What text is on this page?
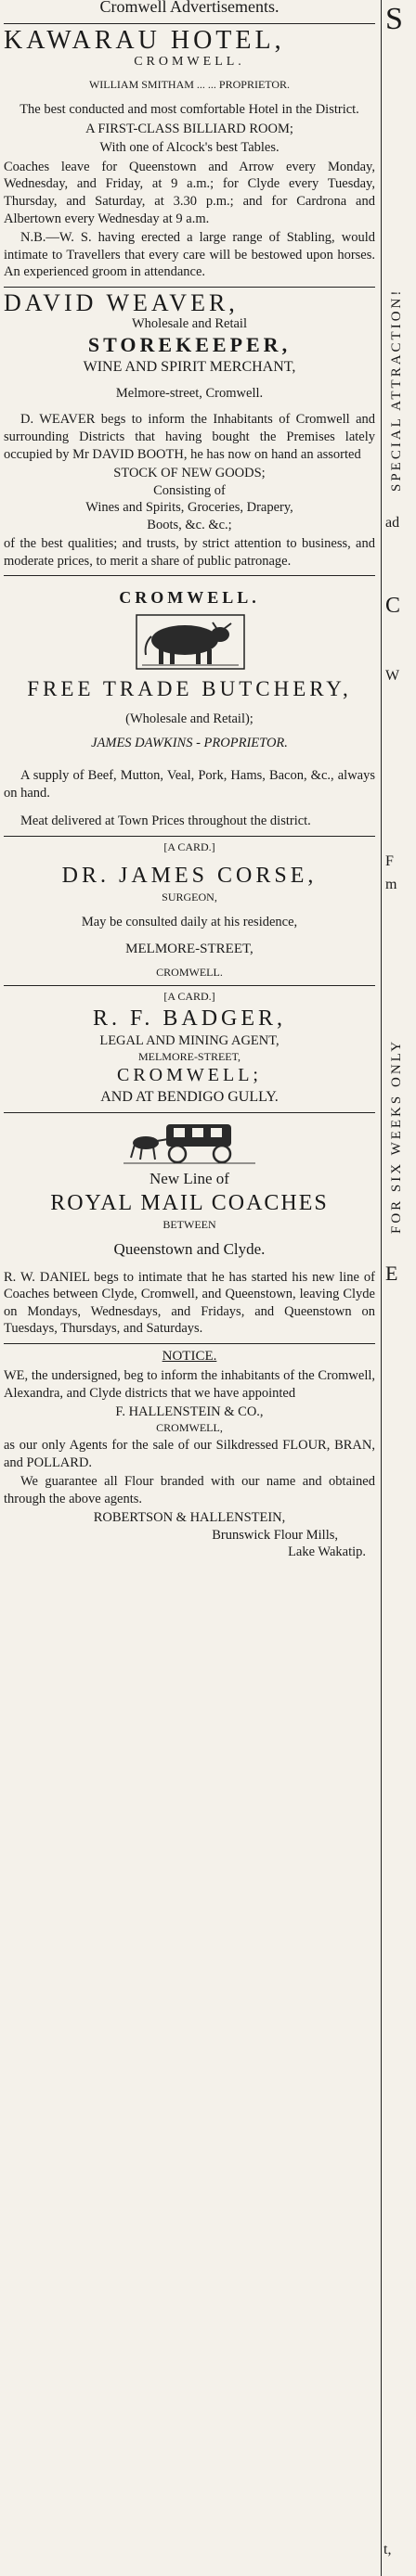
Cromwell Advertisements.
KAWARAU HOTEL,
CROMWELL.
WILLIAM SMITHAM ... ... PROPRIETOR.

The best conducted and most comfortable Hotel in the District.

A FIRST-CLASS BILLIARD ROOM;

With one of Alcock's best Tables.

Coaches leave for Queenstown and Arrow every Monday, Wednesday, and Friday, at 9 a.m.; for Clyde every Tuesday, Thursday, and Saturday, at 3.30 p.m.; and for Cardrona and Albertown every Wednesday at 9 a.m.

N.B.—W. S. having erected a large range of Stabling, would intimate to Travellers that every care will be bestowed upon horses. An experienced groom in attendance.

DAVID WEAVER,
Wholesale and Retail
STOREKEEPER,
WINE AND SPIRIT MERCHANT,
Melmore-street, Cromwell.

D. WEAVER begs to inform the Inhabitants of Cromwell and surrounding Districts that having bought the Premises lately occupied by Mr DAVID BOOTH, he has now on hand an assorted

STOCK OF NEW GOODS;
Consisting of
Wines and Spirits, Groceries, Drapery,
Boots, &c. &c.;

of the best qualities; and trusts, by strict attention to business, and moderate prices, to merit a share of public patronage.

CROMWELL.
FREE TRADE BUTCHERY,
(Wholesale and Retail);
JAMES DAWKINS - PROPRIETOR.

A supply of Beef, Mutton, Veal, Pork, Hams, Bacon, &c., always on hand.

Meat delivered at Town Prices throughout the district.

[A CARD.]
DR. JAMES CORSE,
SURGEON,

May be consulted daily at his residence,

MELMORE-STREET,
CROMWELL.
[A CARD.]
R. F. BADGER,
LEGAL AND MINING AGENT,
MELMORE-STREET,
CROMWELL;
AND AT BENDIGO GULLY.
New Line of
ROYAL MAIL COACHES
BETWEEN
Queenstown and Clyde.

R. W. DANIEL begs to intimate that he has started his new line of Coaches between Clyde, Cromwell, and Queenstown, leaving Clyde on Mondays, Wednesdays, and Fridays, and Queenstown on Tuesdays, Thursdays, and Saturdays.

NOTICE.

WE, the undersigned, beg to inform the inhabitants of the Cromwell, Alexandra, and Clyde districts that we have appointed

F. HALLENSTEIN & CO.,
CROMWELL,

as our only Agents for the sale of our Silkdressed FLOUR, BRAN, and POLLARD.

We guarantee all Flour branded with our name and obtained through the above agents.

ROBERTSON & HALLENSTEIN,
Brunswick Flour Mills,
Lake Wakatip.
S
SPECIAL ATTRACTION!
ad
C
W
F
m
FOR SIX WEEKS ONLY
E
t,
